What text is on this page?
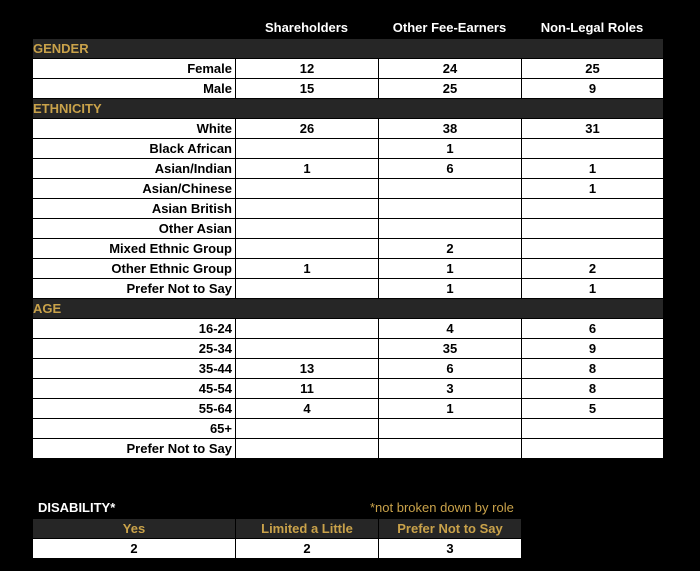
Shareholders	Other Fee-Earners	Non-Legal Roles
GENDER			
Female	12	24	25
Male	15	25	9
ETHNICITY			
White	26	38	31
Black African		1	
Asian/Indian	1	6	1
Asian/Chinese			1
Asian British			
Other Asian			
Mixed Ethnic Group		2	
Other Ethnic Group	1	1	2
Prefer Not to Say		1	1
AGE			
16-24		4	6
25-34		35	9
35-44	13	6	8
45-54	11	3	8
55-64	4	1	5
65+			
Prefer Not to Say			
DISABILITY*	*not broken down by role
Yes	Limited a Little	Prefer Not to Say
2	2	3
